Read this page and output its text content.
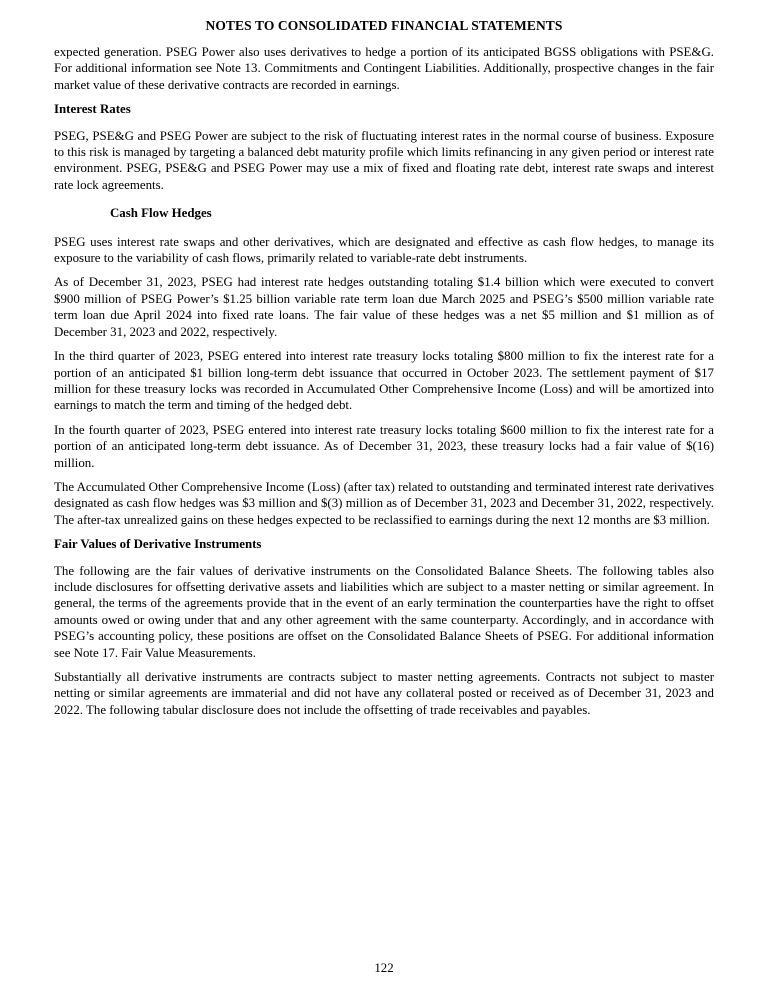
NOTES TO CONSOLIDATED FINANCIAL STATEMENTS

expected generation. PSEG Power also uses derivatives to hedge a portion of its anticipated BGSS obligations with PSE&G. For additional information see Note 13. Commitments and Contingent Liabilities. Additionally, prospective changes in the fair market value of these derivative contracts are recorded in earnings.

Interest Rates

PSEG, PSE&G and PSEG Power are subject to the risk of fluctuating interest rates in the normal course of business. Exposure to this risk is managed by targeting a balanced debt maturity profile which limits refinancing in any given period or interest rate environment. PSEG, PSE&G and PSEG Power may use a mix of fixed and floating rate debt, interest rate swaps and interest rate lock agreements.

Cash Flow Hedges

PSEG uses interest rate swaps and other derivatives, which are designated and effective as cash flow hedges, to manage its exposure to the variability of cash flows, primarily related to variable-rate debt instruments.

As of December 31, 2023, PSEG had interest rate hedges outstanding totaling $1.4 billion which were executed to convert $900 million of PSEG Power’s $1.25 billion variable rate term loan due March 2025 and PSEG’s $500 million variable rate term loan due April 2024 into fixed rate loans. The fair value of these hedges was a net $5 million and $1 million as of December 31, 2023 and 2022, respectively.

In the third quarter of 2023, PSEG entered into interest rate treasury locks totaling $800 million to fix the interest rate for a portion of an anticipated $1 billion long-term debt issuance that occurred in October 2023. The settlement payment of $17 million for these treasury locks was recorded in Accumulated Other Comprehensive Income (Loss) and will be amortized into earnings to match the term and timing of the hedged debt.

In the fourth quarter of 2023, PSEG entered into interest rate treasury locks totaling $600 million to fix the interest rate for a portion of an anticipated long-term debt issuance. As of December 31, 2023, these treasury locks had a fair value of $(16) million.

The Accumulated Other Comprehensive Income (Loss) (after tax) related to outstanding and terminated interest rate derivatives designated as cash flow hedges was $3 million and $(3) million as of December 31, 2023 and December 31, 2022, respectively. The after-tax unrealized gains on these hedges expected to be reclassified to earnings during the next 12 months are $3 million.

Fair Values of Derivative Instruments

The following are the fair values of derivative instruments on the Consolidated Balance Sheets. The following tables also include disclosures for offsetting derivative assets and liabilities which are subject to a master netting or similar agreement. In general, the terms of the agreements provide that in the event of an early termination the counterparties have the right to offset amounts owed or owing under that and any other agreement with the same counterparty. Accordingly, and in accordance with PSEG’s accounting policy, these positions are offset on the Consolidated Balance Sheets of PSEG. For additional information see Note 17. Fair Value Measurements.

Substantially all derivative instruments are contracts subject to master netting agreements. Contracts not subject to master netting or similar agreements are immaterial and did not have any collateral posted or received as of December 31, 2023 and 2022. The following tabular disclosure does not include the offsetting of trade receivables and payables.

122
